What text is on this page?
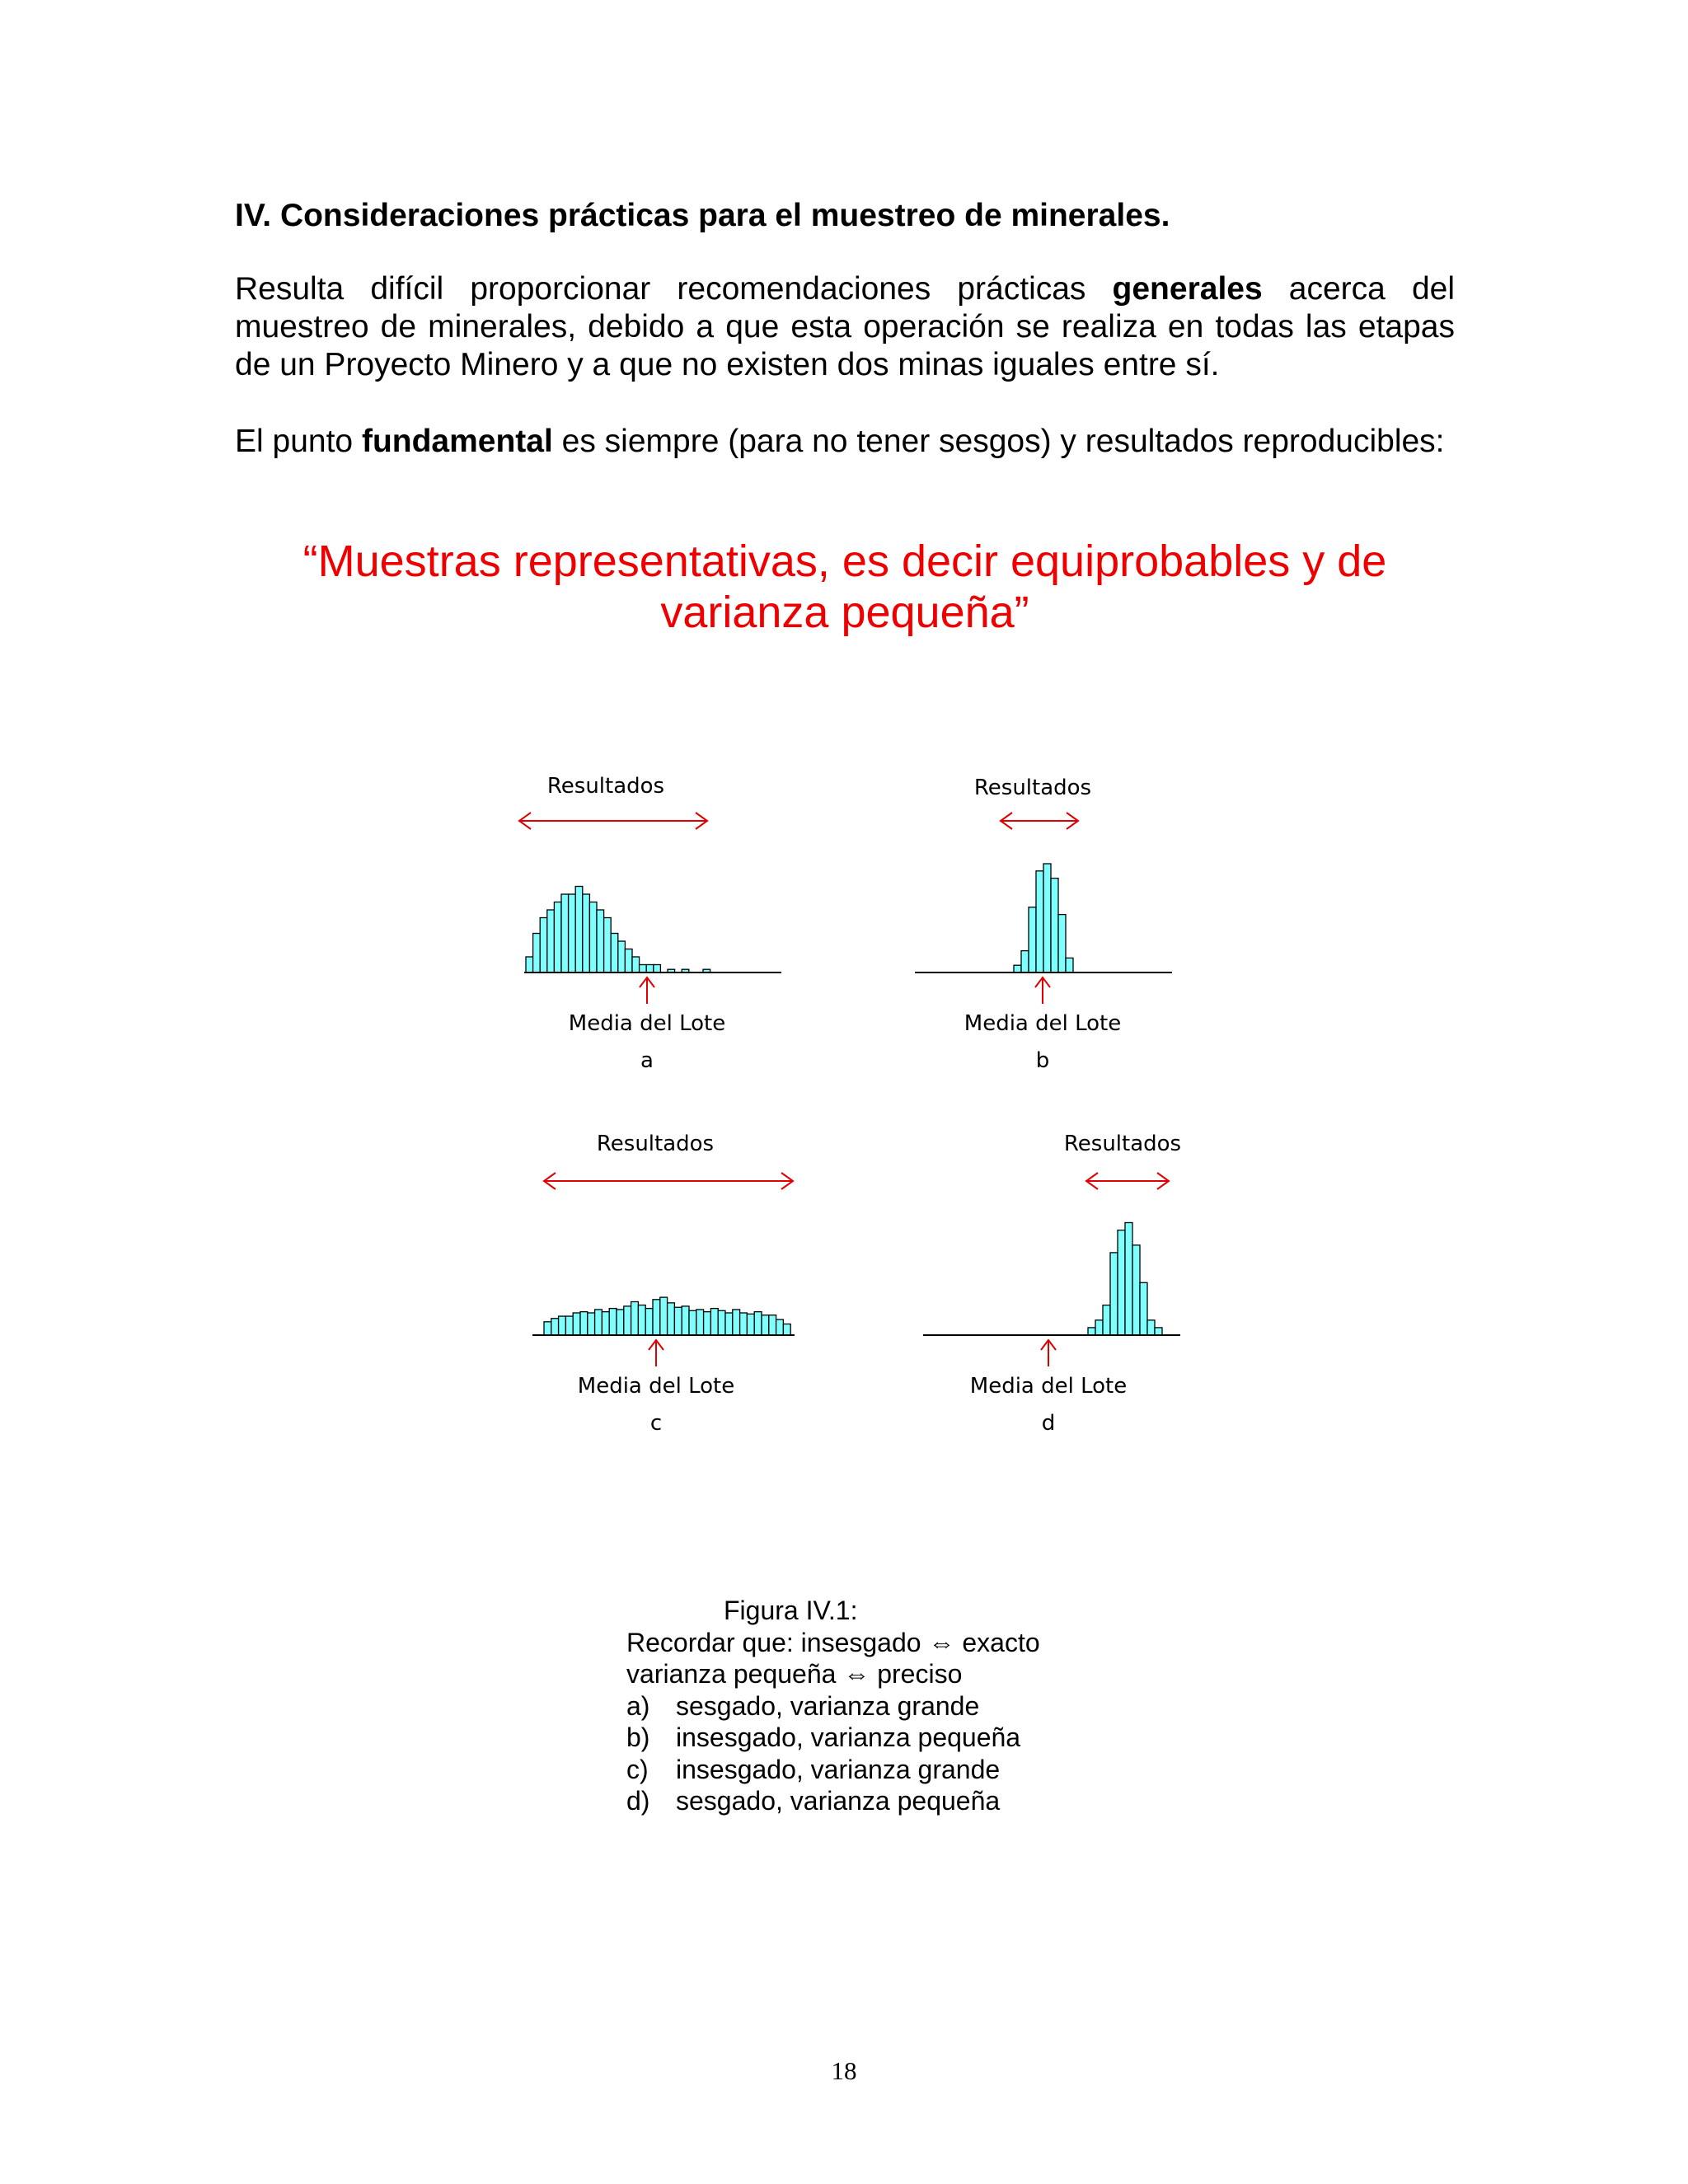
IV. Consideraciones prácticas para el muestreo de minerales.

Resulta difícil proporcionar recomendaciones prácticas generales acerca del muestreo de minerales, debido a que esta operación se realiza en todas las etapas de un Proyecto Minero y a que no existen dos minas iguales entre sí.

El punto fundamental es siempre (para no tener sesgos) y resultados reproducibles:

“Muestras representativas, es decir equiprobables y de
varianza pequeña”

Resultados
Media del Lote
a
Resultados
Media del Lote
b
Resultados
Media del Lote
c
Resultados
Media del Lote
d
Figura IV.1:
Recordar que: insesgado ⇔ exacto
varianza pequeña ⇔ preciso
a) sesgado, varianza grande
b) insesgado, varianza pequeña
c)	insesgado, varianza grande
d) sesgado, varianza pequeña
18
